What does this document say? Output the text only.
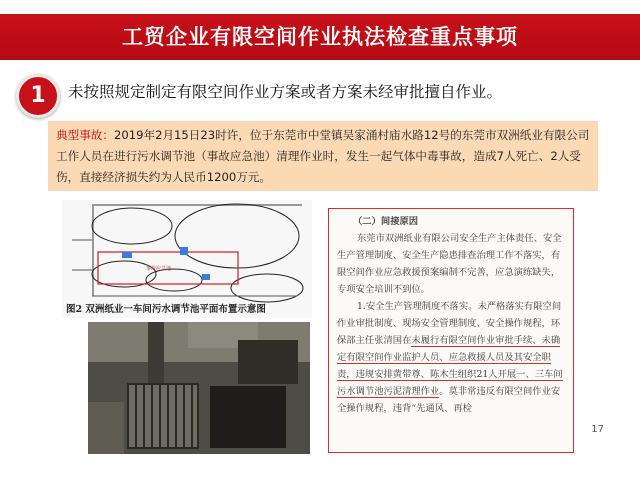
工贸企业有限空间作业执法检查重点事项
1	未按照规定制定有限空间作业方案或者方案未经审批擅自作业。
典型事故：2019年2月15日23时许，位于东莞市中堂镇吴家涌村庙水路12号的东莞市双洲纸业有限公司工作人员在进行污水调节池（事故应急池）清理作业时，发生一起气体中毒事故，造成7人死亡、2人受伤，直接经济损失约为人民币1200万元。
事故应急池
图2 双洲纸业一车间污水调节池平面布置示意图
（二）间接原因

东莞市双洲纸业有限公司安全生产主体责任、安全生产管理制度、安全生产隐患排查治理工作不落实，有限空间作业应急救援预案编制不完善，应急演练缺失，专项安全培训不到位。

1.安全生产管理制度不落实。未严格落实有限空间作业审批制度、现场安全管理制度、安全操作规程，环保部主任张清国在未履行有限空间作业审批手续、未确定有限空间作业监护人员、应急救援人员及其安全职责，违规安排黄带尊、陈木生组织21人开展一、三车间污水调节池污泥清理作业。莫非常违反有限空间作业安全操作规程，违背“先通风、再检

17
